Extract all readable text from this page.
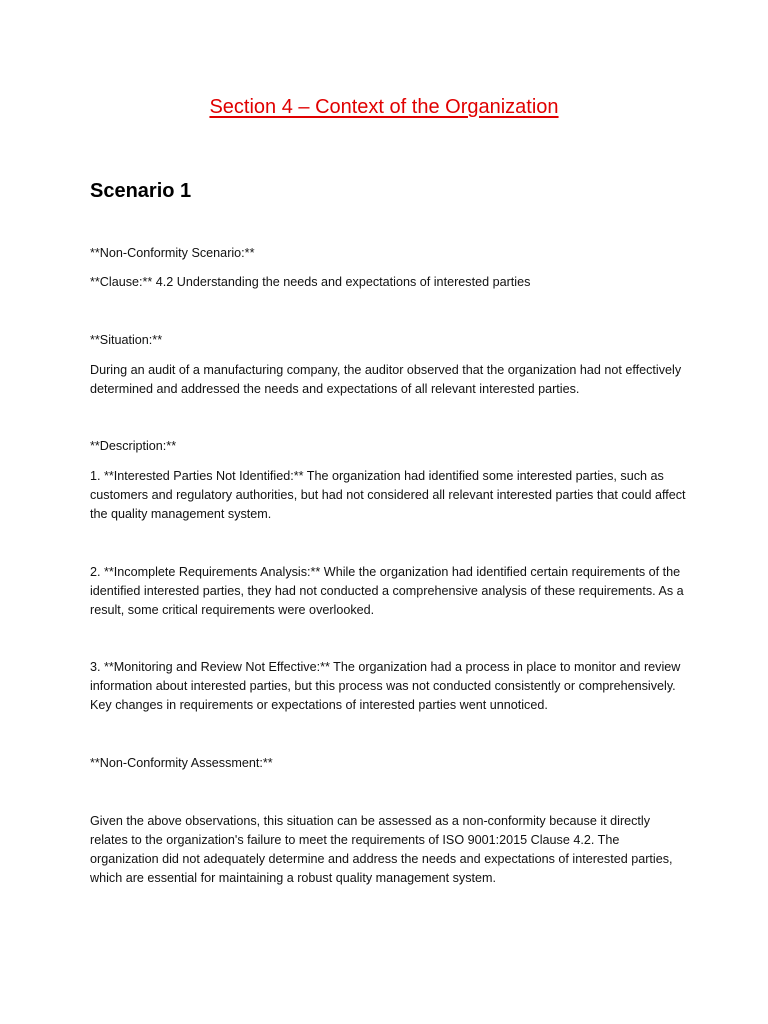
Section 4 – Context of the Organization
Scenario 1

**Non-Conformity Scenario:**

**Clause:** 4.2 Understanding the needs and expectations of interested parties

**Situation:**

During an audit of a manufacturing company, the auditor observed that the organization had not effectively determined and addressed the needs and expectations of all relevant interested parties.

**Description:**

1. **Interested Parties Not Identified:** The organization had identified some interested parties, such as customers and regulatory authorities, but had not considered all relevant interested parties that could affect the quality management system.

2. **Incomplete Requirements Analysis:** While the organization had identified certain requirements of the identified interested parties, they had not conducted a comprehensive analysis of these requirements. As a result, some critical requirements were overlooked.

3. **Monitoring and Review Not Effective:** The organization had a process in place to monitor and review information about interested parties, but this process was not conducted consistently or comprehensively. Key changes in requirements or expectations of interested parties went unnoticed.

**Non-Conformity Assessment:**

Given the above observations, this situation can be assessed as a non-conformity because it directly relates to the organization's failure to meet the requirements of ISO 9001:2015 Clause 4.2. The organization did not adequately determine and address the needs and expectations of interested parties, which are essential for maintaining a robust quality management system.
